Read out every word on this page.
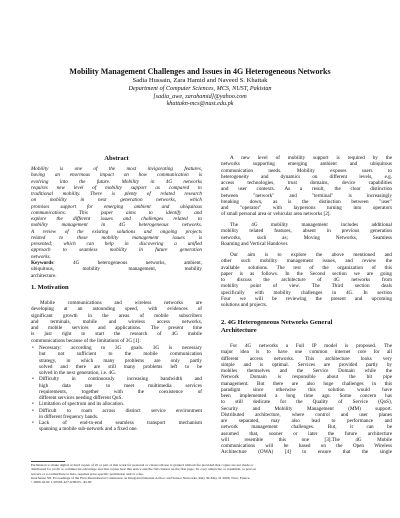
Mobility Management Challenges and Issues in 4G Heterogeneous Networks
Sadia Hussain, Zara Hamid and Naveed S. Khattak
Department of Computer Sciences, MCS, NUST, Pakistan
[sadia_awe, zarahamid]@yahoo.com
khattakn-mcs@nust.edu.pk
Abstract
Mobility is one of the most invigorating features,
having an enormous impact on how communication is
evolving into the future. Mobility in 4G networks
requires new level of mobility support as compared to
traditional mobility. There is plenty of related research
on mobility in next generation networks, which
promises support for emerging ambient and ubiquitous
communications. This paper aims to identify and
explore the different issues and challenges related to
mobility management in 4G heterogeneous networks.
A review of the existing solutions and ongoing projects
related to these mobility management issues is
presented; which can help in discovering a unified
approach to seamless mobility in future generation
networks.
Keywords: 4G heterogeneous networks, ambient,
ubiquitous, mobility management, mobility
architecture.
1. Motivation
Mobile communications and wireless networks are
developing at an astounding speed, with evidences of
significant growth in the areas of mobile subscribers
and terminals, mobile and wireless access networks,
and mobile services and applications. The present time
is just right to start the research of 4G mobile
communications because of the limitations of 3G [1]:
• Necessary: according to 3G goals. 3G is necessary
but not sufficient to the mobile communication
strategy, in which many problems are only partly
solved and there are still many problems left to be
solved in the next generation, i.e. 4G.
• Difficulty in continuously increasing bandwidth and
high data rate to meet multimedia services
requirements, together with the coexistence of
different services needing different QoS.
• Limitation of spectrum and its allocation.
• Difficult to roam across distinct service environment
in different frequency bands.
• Lack of end-to-end seamless transport mechanism
spanning a mobile sub-network and a fixed one.
A new level of mobility support is required by the
networks supporting emerging ambient and ubiquitous
communication needs. Mobility exposes users to
heterogeneity and dynamics on different levels, e.g.
access technologies, trust domains, device capabilities
and user contexts. As a result, the clear distinction
between "network" and "terminal" is increasingly
breaking down, as is the distinction between "user"
and "operator" with laypersons turning into operators
of small personal area or vehicular area networks [2].
The 4G mobility management includes additional
mobility related features, absent in previous generation
networks, such as; Moving Networks, Seamless
Roaming and Vertical Handover.
Our aim is to explore the above mentioned and
other such mobility management issues, and review the
available solutions. The rest of the organization of this
paper is as follows. In the Second section we are going
to discuss the architecture of 4G networks from
mobility point of view. The Third section deals
specifically with mobility challenges in 4G. In section
Four we will be reviewing the present and upcoming
solutions and projects.
2. 4G Heterogeneous Networks General
Architecture
For 4G networks a Full IP model is proposed. The
major idea is to have one common internet core for all
different access networks. This architecture looks very
simple and is optimal. Services are provided partly by
mobiles themselves and the Service Domain while the
Network Domain is responsible about the bit pipe
management. But there are also huge challenges in this
paradigm since otherwise this solution would have
been implemented a long time ago. Some concern has
to still dedicate for the Quality of Service (QoS),
Security and Mobility Management (MM) support.
Distributed architecture, where control and user planes
are separated, may also lead to performance and
network management challenges. But, it can be
assumed that, sooner or later the future architecture
will resemble this one [3].The 4G Mobile
communications will be based on the Open Wireless
Architecture (OWA) [4] to ensure that the single
Permission to make digital or hard copies of all or part of this work for personal or classroom use is granted without fee provided that copies are not made or
distributed for profit or commercial advantage and that copies bear this notice and the full citation on the first page. To copy otherwise, to republish, to post on
servers or to redistribute to lists, requires prior specific permission and/or a fee.
InterSense '06. Proceedings of the First International Conference on Integrated Internet Ad hoc and Sensor Networks, May 30-May 31 2006, Nice, France.
©2006 ACM 1-59593-427-0/06/05...$5.00
